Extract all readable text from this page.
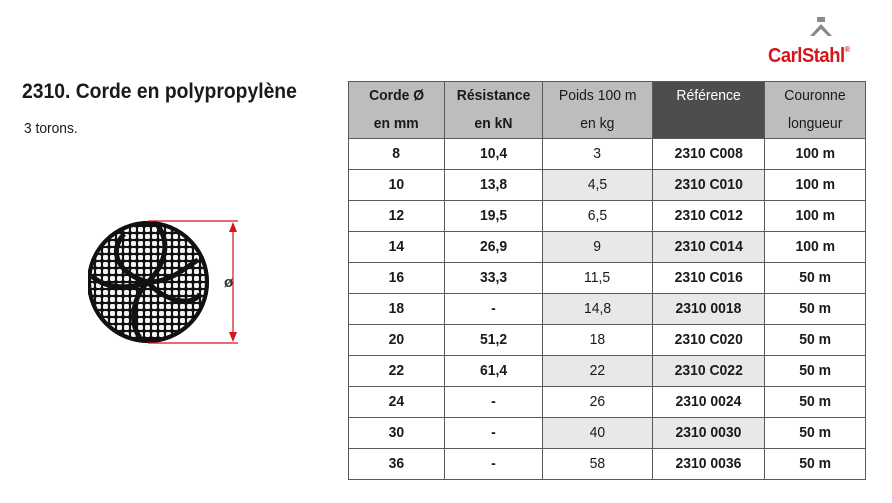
CarlStahl®
2310. Corde en polypropylène
3 torons.
ø
Corde Øen mm	Résistanceen kN	Poids 100 men kg	Référence	Couronnelongueur
8	10,4	3	2310 C008	100 m
10	13,8	4,5	2310 C010	100 m
12	19,5	6,5	2310 C012	100 m
14	26,9	9	2310 C014	100 m
16	33,3	11,5	2310 C016	50 m
18	-	14,8	2310 0018	50 m
20	51,2	18	2310 C020	50 m
22	61,4	22	2310 C022	50 m
24	-	26	2310 0024	50 m
30	-	40	2310 0030	50 m
36	-	58	2310 0036	50 m
